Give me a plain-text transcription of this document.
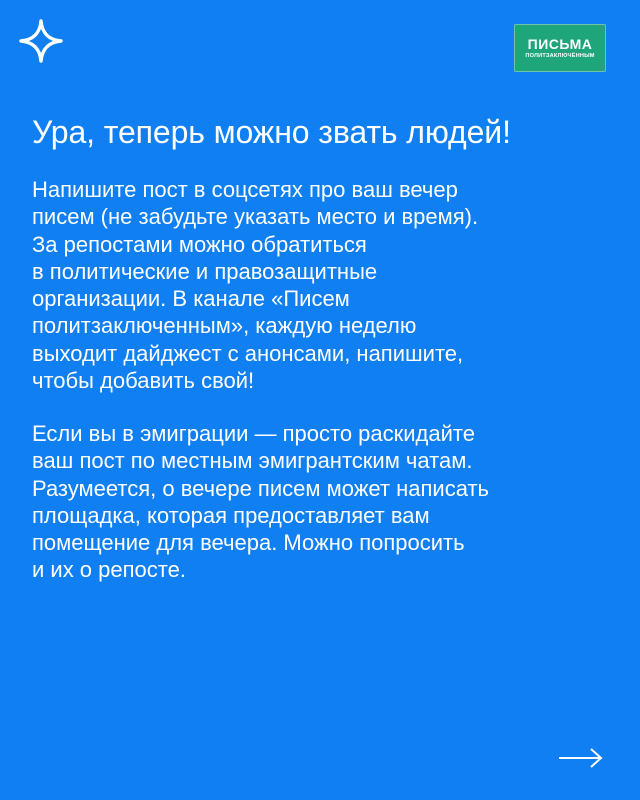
ПИСЬМА
ПОЛИТЗАКЛЮЧЁННЫМ
Ура, теперь можно звать людей!
Напишите пост в соцсетях про ваш вечер
писем (не забудьте указать место и время).
За репостами можно обратиться
в политические и правозащитные
организации. В канале «Писем
политзаключенным», каждую неделю
выходит дайджест с анонсами, напишите,
чтобы добавить свой!
Если вы в эмиграции — просто раскидайте
ваш пост по местным эмигрантским чатам.
Разумеется, о вечере писем может написать
площадка, которая предоставляет вам
помещение для вечера. Можно попросить
и их о репосте.
